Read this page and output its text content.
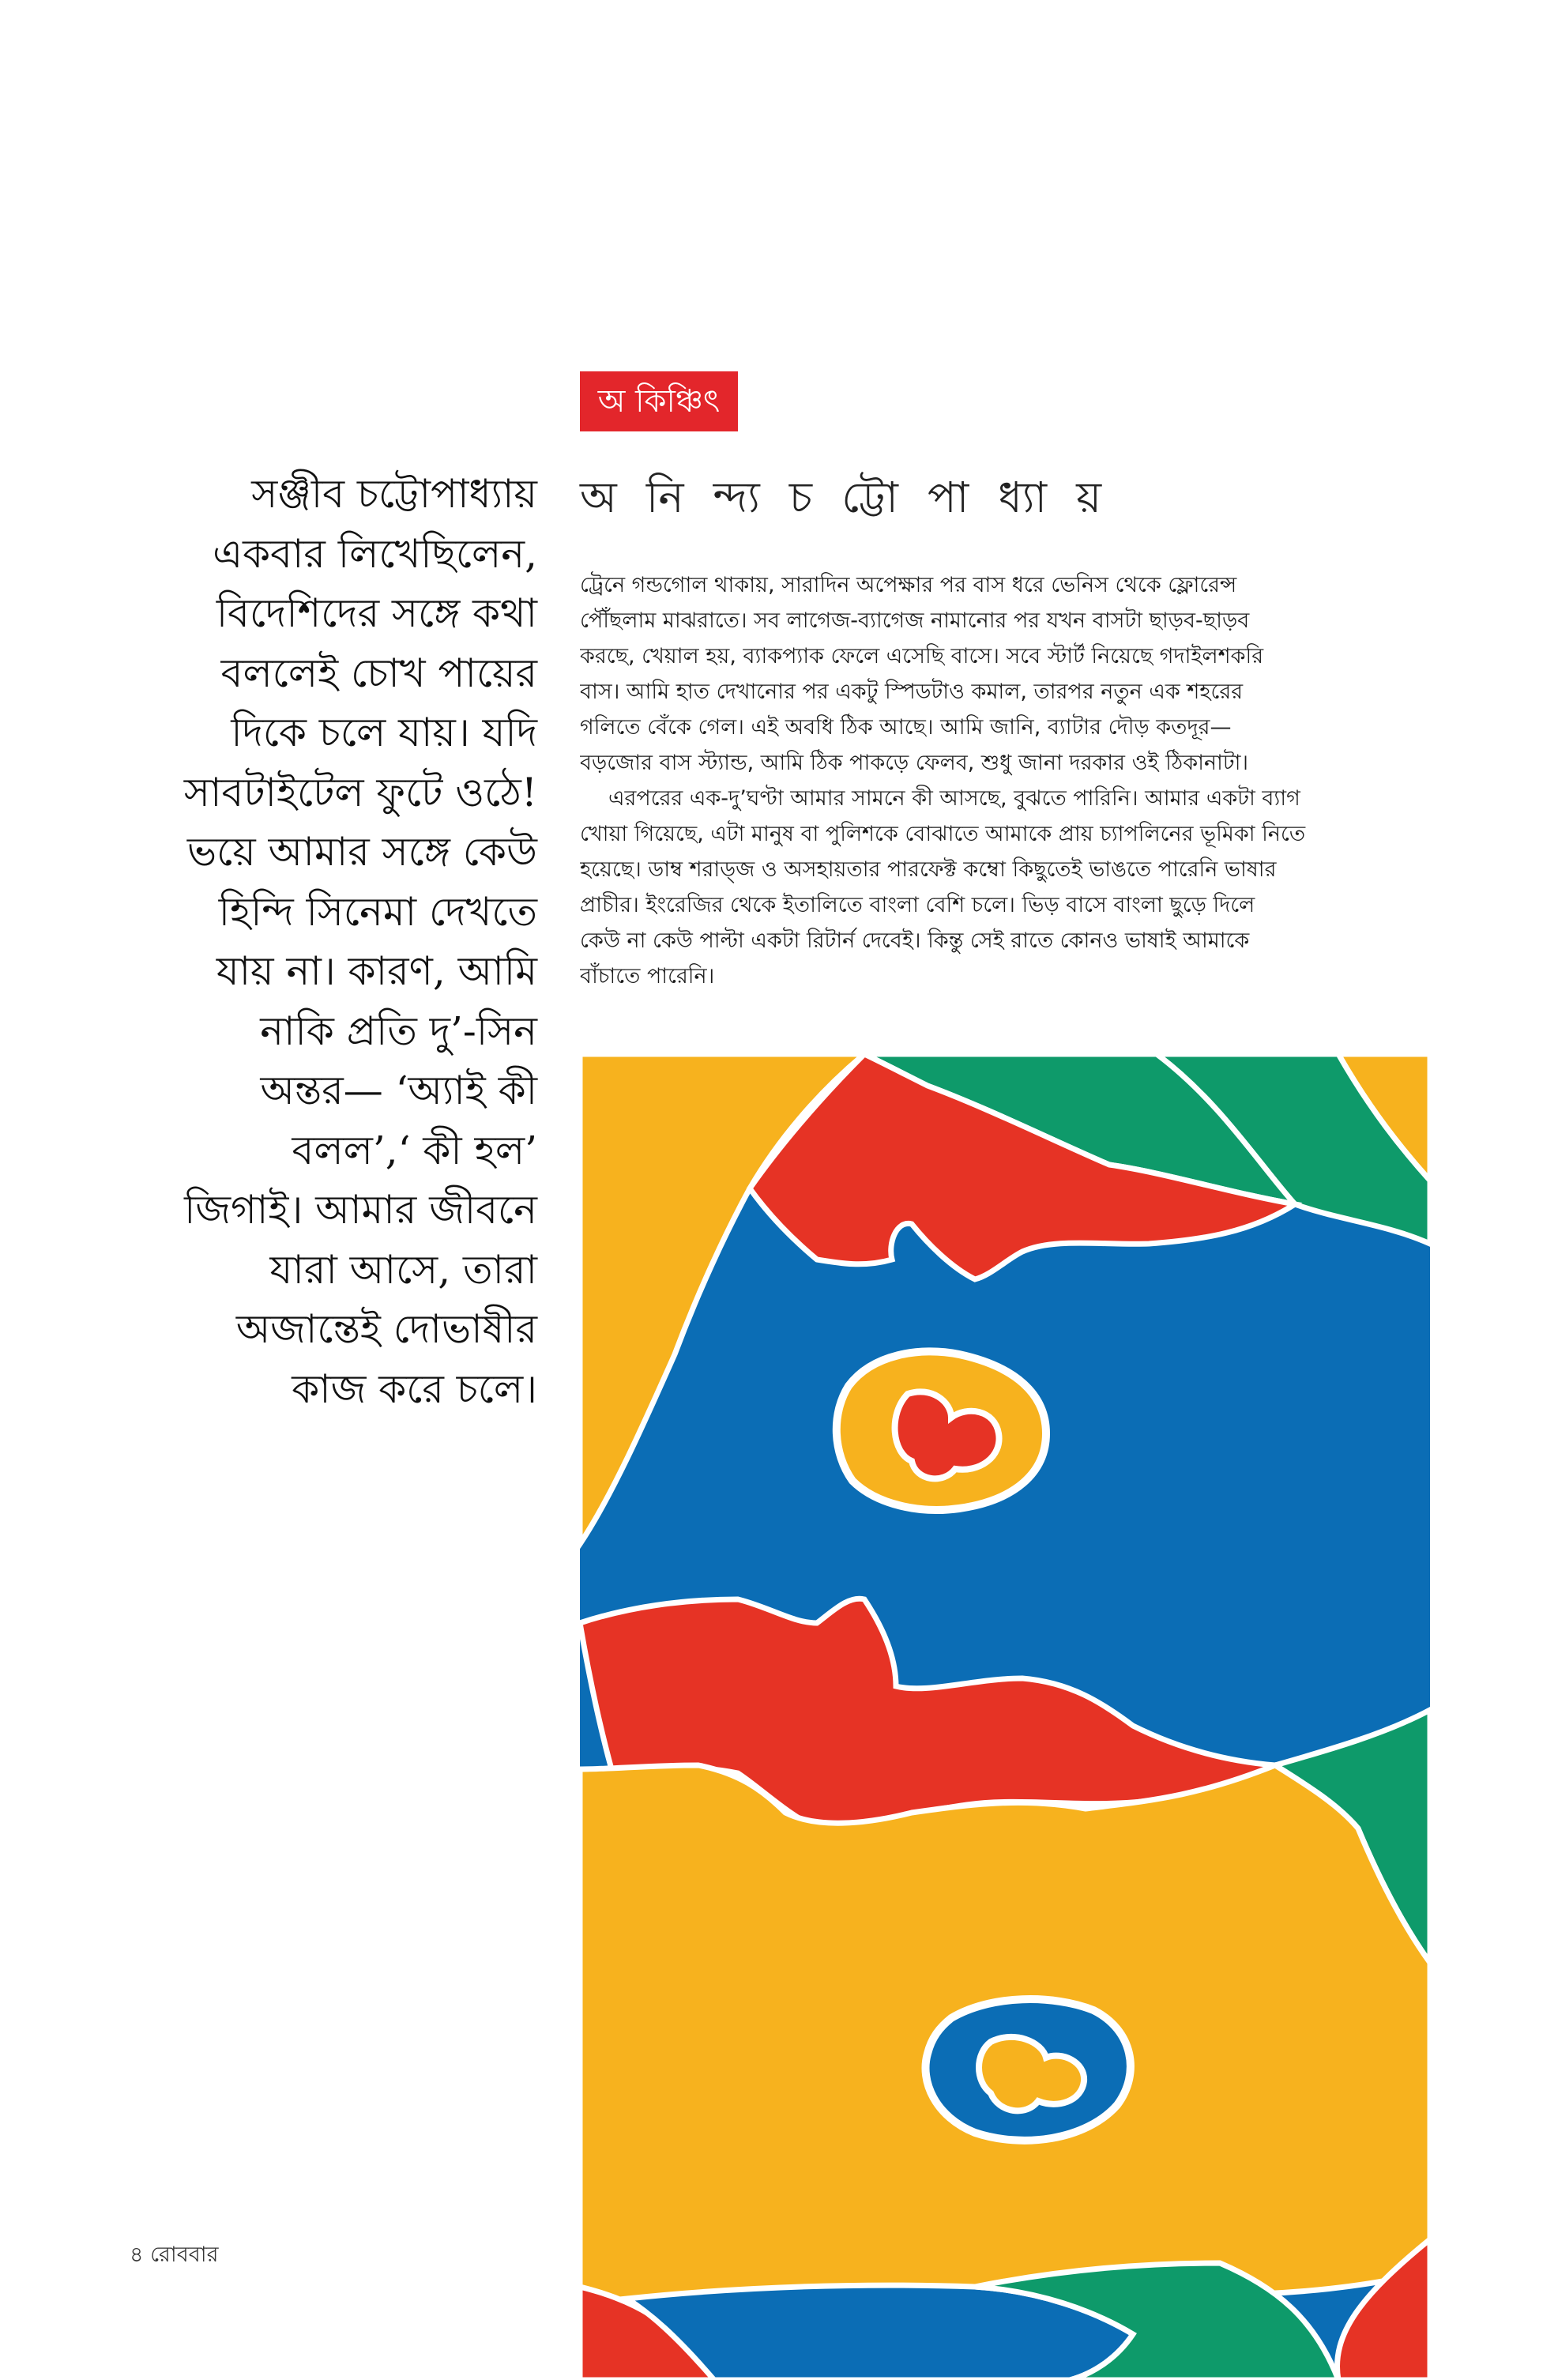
অ কিঞ্চিৎ
সঞ্জীব চট্টোপাধ্যায়
একবার লিখেছিলেন,
বিদেশিদের সঙ্গে কথা
বললেই চোখ পায়ের
দিকে চলে যায়। যদি
সাবটাইটেল ফুটে ওঠে!
ভয়ে আমার সঙ্গে কেউ
হিন্দি সিনেমা দেখতে
যায় না। কারণ, আমি
নাকি প্রতি দু’-সিন
অন্তর— ‘অ্যাই কী
বলল’,‘ কী হল’
জিগাই। আমার জীবনে
যারা আসে, তারা
অজান্তেই দোভাষীর
কাজ করে চলে।
অ নি ন্দ্য চ ট্টো পা ধ্যা য়
ট্রেনে গন্ডগোল থাকায়, সারাদিন অপেক্ষার পর বাস ধরে ভেনিস থেকে ফ্লোরেন্স
পৌঁছলাম মাঝরাতে। সব লাগেজ-ব্যাগেজ নামানোর পর যখন বাসটা ছাড়ব-ছাড়ব
করছে, খেয়াল হয়, ব্যাকপ্যাক ফেলে এসেছি বাসে। সবে স্টার্ট নিয়েছে গদাইলশকরি
বাস। আমি হাত দেখানোর পর একটু স্পিডটাও কমাল, তারপর নতুন এক শহরের
গলিতে বেঁকে গেল। এই অবধি ঠিক আছে। আমি জানি, ব্যাটার দৌড় কতদূর—
বড়জোর বাস স্ট্যান্ড, আমি ঠিক পাকড়ে ফেলব, শুধু জানা দরকার ওই ঠিকানাটা।
এরপরের এক-দু’ঘণ্টা আমার সামনে কী আসছে, বুঝতে পারিনি। আমার একটা ব্যাগ
খোয়া গিয়েছে, এটা মানুষ বা পুলিশকে বোঝাতে আমাকে প্রায় চ্যাপলিনের ভূমিকা নিতে
হয়েছে। ডাম্ব শরাড্‌জ ও অসহায়তার পারফেক্ট কম্বো কিছুতেই ভাঙতে পারেনি ভাষার
প্রাচীর। ইংরেজির থেকে ইতালিতে বাংলা বেশি চলে। ভিড় বাসে বাংলা ছুড়ে দিলে
কেউ না কেউ পাল্টা একটা রিটার্ন দেবেই। কিন্তু সেই রাতে কোনও ভাষাই আমাকে
বাঁচাতে পারেনি।
৪ রোববার
